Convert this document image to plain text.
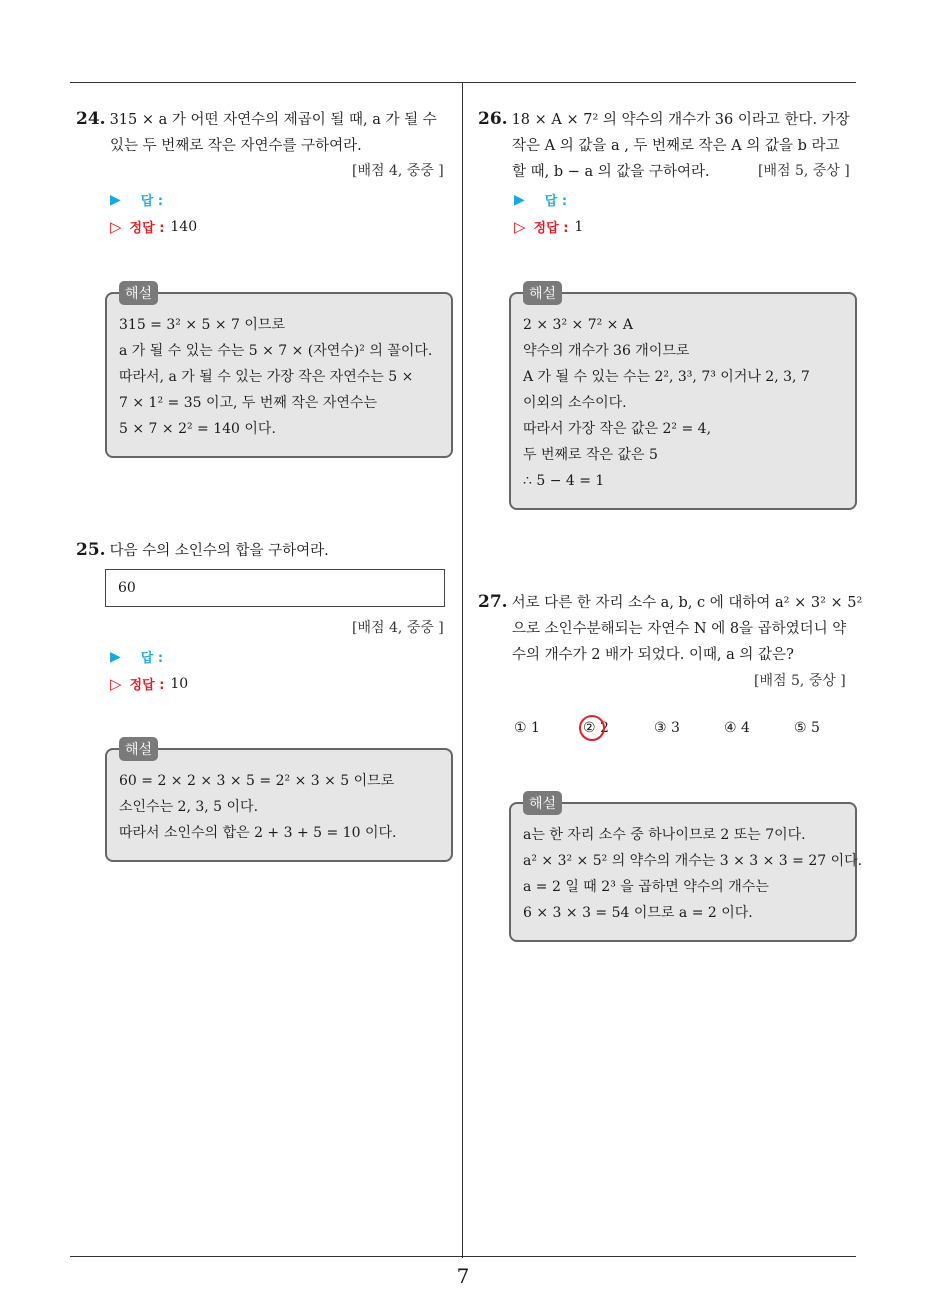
24. 315 × a 가 어떤 자연수의 제곱이 될 때, a 가 될 수
있는 두 번째로 작은 자연수를 구하여라.
[배점 4, 중중 ]
▶ 답 :
▷ 정답 : 140
315 = 3² × 5 × 7 이므로
a 가 될 수 있는 수는 5 × 7 × (자연수)² 의 꼴이다.
따라서, a 가 될 수 있는 가장 작은 자연수는 5 ×
7 × 1² = 35 이고, 두 번째 작은 자연수는
5 × 7 × 2² = 140 이다.
해설
25. 다음 수의 소인수의 합을 구하여라.
60
[배점 4, 중중 ]
▶ 답 :
▷ 정답 : 10
60 = 2 × 2 × 3 × 5 = 2² × 3 × 5 이므로
소인수는 2, 3, 5 이다.
따라서 소인수의 합은 2 + 3 + 5 = 10 이다.
해설
26. 18 × A × 7² 의 약수의 개수가 36 이라고 한다. 가장
작은 A 의 값을 a , 두 번째로 작은 A 의 값을 b 라고
할 때, b − a 의 값을 구하여라.	[배점 5, 중상 ]
▶ 답 :
▷ 정답 : 1
2 × 3² × 7² × A
약수의 개수가 36 개이므로
A 가 될 수 있는 수는 2², 3³, 7³ 이거나 2, 3, 7
이외의 소수이다.
따라서 가장 작은 값은 2² = 4,
두 번째로 작은 값은 5
∴ 5 − 4 = 1
해설
27. 서로 다른 한 자리 소수 a, b, c 에 대하여 a² × 3² × 5²
으로 소인수분해되는 자연수 N 에 8을 곱하였더니 약
수의 개수가 2 배가 되었다. 이때, a 의 값은?
[배점 5, 중상 ]
① 1	② 2	③ 3	④ 4	⑤ 5
a는 한 자리 소수 중 하나이므로 2 또는 7이다.
a² × 3² × 5² 의 약수의 개수는 3 × 3 × 3 = 27 이다.
a = 2 일 때 2³ 을 곱하면 약수의 개수는
6 × 3 × 3 = 54 이므로 a = 2 이다.
해설
7
